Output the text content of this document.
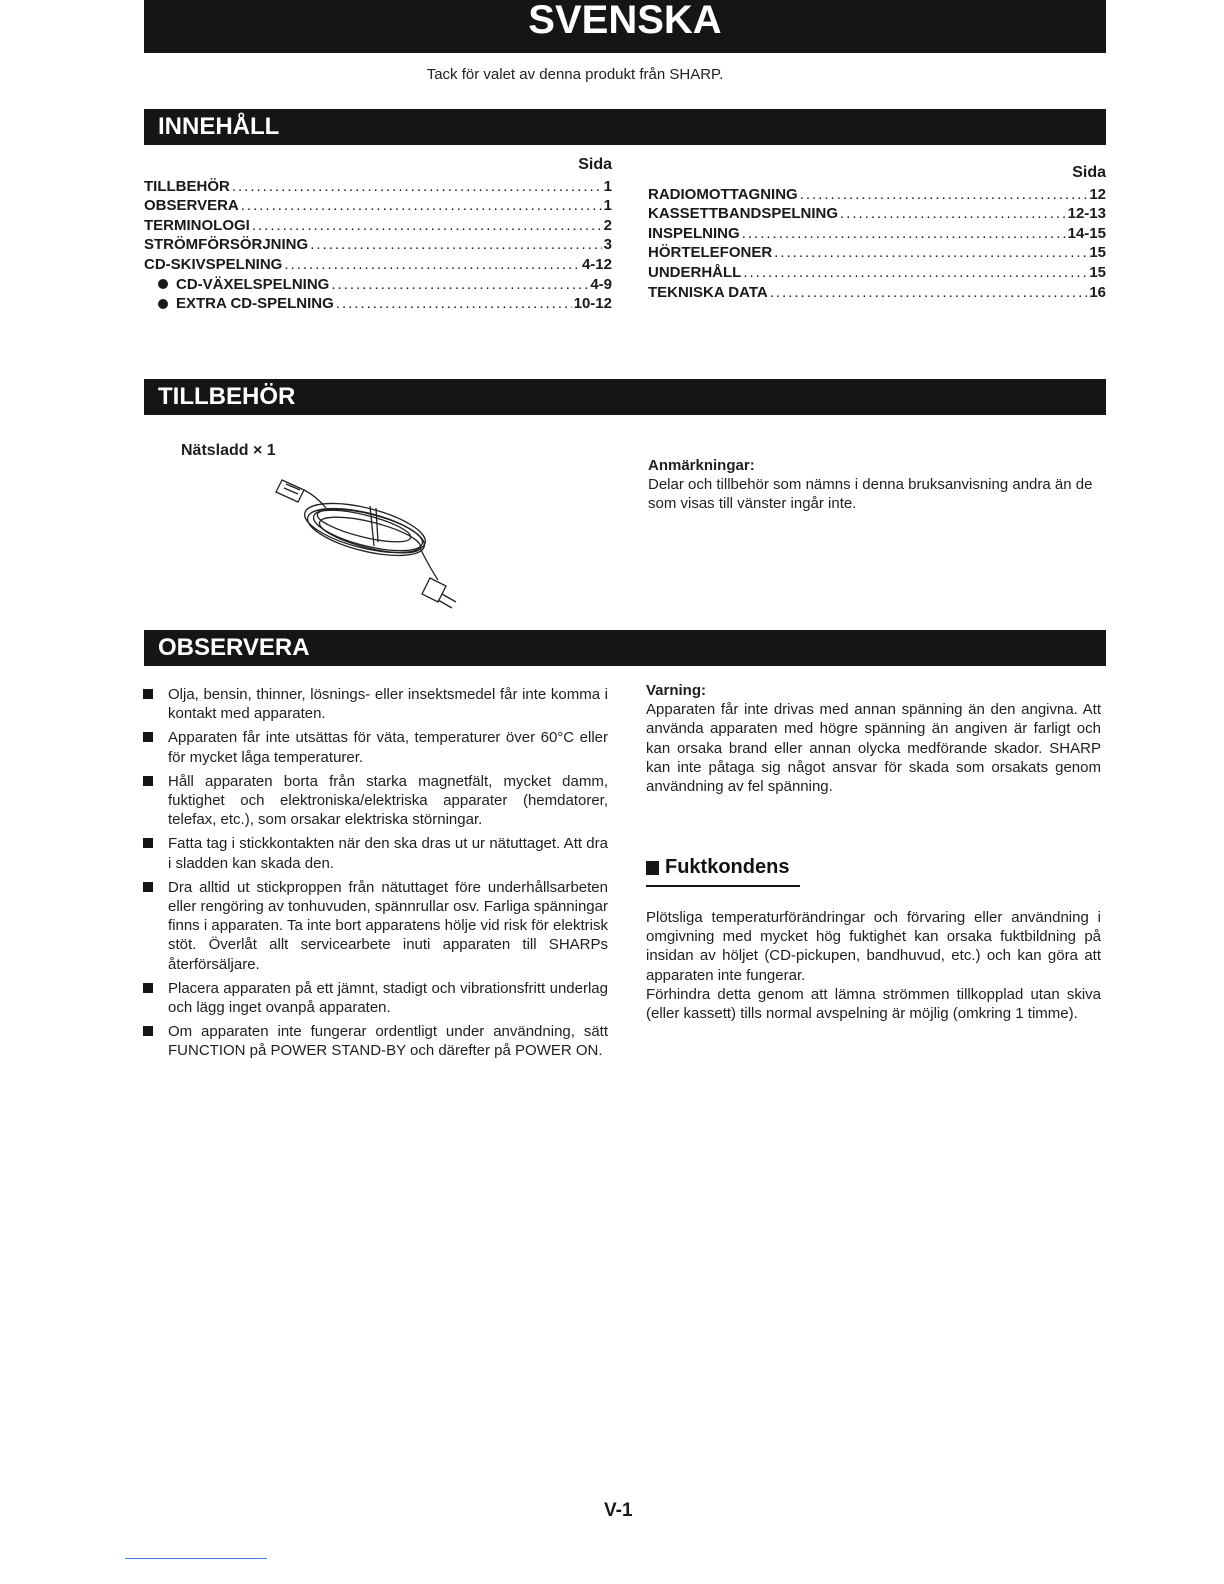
SVENSKA
Tack för valet av denna produkt från SHARP.
INNEHÅLL
Sida
TILLBEHÖR .....	1
OBSERVERA .....	1
TERMINOLOGI .....	2
STRÖMFÖRSÖRJNING .....	3
CD-SKIVSPELNING .....	4-12
CD-VÄXELSPELNING .....	4-9
EXTRA CD-SPELNING .....	10-12
Sida
RADIOMOTTAGNING .....	12
KASSETTBANDSPELNING .....	12-13
INSPELNING .....	14-15
HÖRTELEFONER .....	15
UNDERHÅLL .....	15
TEKNISKA DATA .....	16
TILLBEHÖR
Nätsladd × 1
Anmärkningar:
Delar och tillbehör som nämns i denna bruksanvisning andra än de som visas till vänster ingår inte.
OBSERVERA
Olja, bensin, thinner, lösnings- eller insektsmedel får inte komma i kontakt med apparaten.
Apparaten får inte utsättas för väta, temperaturer över 60°C eller för mycket låga temperaturer.
Håll apparaten borta från starka magnetfält, mycket damm, fuktighet och elektroniska/elektriska apparater (hemdatorer, telefax, etc.), som orsakar elektriska störningar.
Fatta tag i stickkontakten när den ska dras ut ur nätuttaget. Att dra i sladden kan skada den.
Dra alltid ut stickproppen från nätuttaget före underhållsarbeten eller rengöring av tonhuvuden, spännrullar osv. Farliga spänningar finns i apparaten. Ta inte bort apparatens hölje vid risk för elektrisk stöt. Överlåt allt servicearbete inuti apparaten till SHARPs återförsäljare.
Placera apparaten på ett jämnt, stadigt och vibrationsfritt underlag och lägg inget ovanpå apparaten.
Om apparaten inte fungerar ordentligt under användning, sätt FUNCTION på POWER STAND-BY och därefter på POWER ON.
Varning:
Apparaten får inte drivas med annan spänning än den angivna. Att använda apparaten med högre spänning än angiven är farligt och kan orsaka brand eller annan olycka medförande skador. SHARP kan inte påtaga sig något ansvar för skada som orsakats genom användning av fel spänning.
Fuktkondens
Plötsliga temperaturförändringar och förvaring eller användning i omgivning med mycket hög fuktighet kan orsaka fuktbildning på insidan av höljet (CD-pickupen, bandhuvud, etc.) och kan göra att apparaten inte fungerar.
Förhindra detta genom att lämna strömmen tillkopplad utan skiva (eller kassett) tills normal avspelning är möjlig (omkring 1 timme).
V-1
